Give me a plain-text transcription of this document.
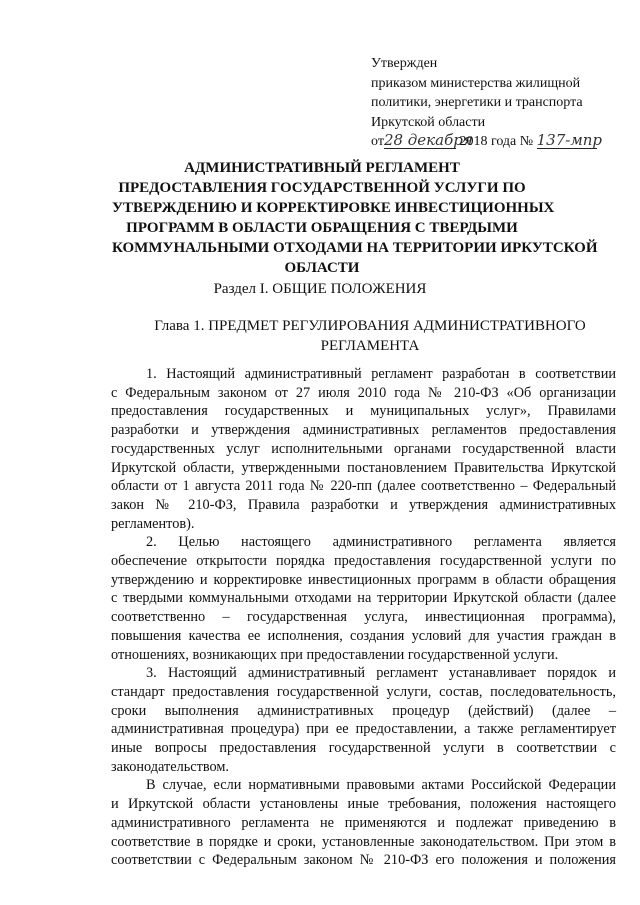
Утвержден
приказом министерства жилищной
политики, энергетики и транспорта
Иркутской области
от28 декабря 2018 года № 137-мпр
АДМИНИСТРАТИВНЫЙ РЕГЛАМЕНТ
ПРЕДОСТАВЛЕНИЯ ГОСУДАРСТВЕННОЙ УСЛУГИ ПО
УТВЕРЖДЕНИЮ И КОРРЕКТИРОВКЕ ИНВЕСТИЦИОННЫХ
ПРОГРАММ В ОБЛАСТИ ОБРАЩЕНИЯ С ТВЕРДЫМИ
КОММУНАЛЬНЫМИ ОТХОДАМИ НА ТЕРРИТОРИИ ИРКУТСКОЙ
ОБЛАСТИ
Раздел I. ОБЩИЕ ПОЛОЖЕНИЯ
Глава 1. ПРЕДМЕТ РЕГУЛИРОВАНИЯ АДМИНИСТРАТИВНОГО
РЕГЛАМЕНТА
1. Настоящий административный регламент разработан в соответствии
с Федеральным законом от 27 июля 2010 года № 210-ФЗ «Об организации
предоставления государственных и муниципальных услуг», Правилами
разработки и утверждения административных регламентов предоставления
государственных услуг исполнительными органами государственной власти
Иркутской области, утвержденными постановлением Правительства Иркутской
области от 1 августа 2011 года № 220-пп (далее соответственно – Федеральный
закон № 210-ФЗ, Правила разработки и утверждения административных
регламентов).
2. Целью настоящего административного регламента является
обеспечение открытости порядка предоставления государственной услуги по
утверждению и корректировке инвестиционных программ в области обращения
с твердыми коммунальными отходами на территории Иркутской области (далее
соответственно – государственная услуга, инвестиционная программа),
повышения качества ее исполнения, создания условий для участия граждан в
отношениях, возникающих при предоставлении государственной услуги.
3. Настоящий административный регламент устанавливает порядок и
стандарт предоставления государственной услуги, состав, последовательность,
сроки выполнения административных процедур (действий) (далее –
административная процедура) при ее предоставлении, а также регламентирует
иные вопросы предоставления государственной услуги в соответствии с
законодательством.
В случае, если нормативными правовыми актами Российской Федерации
и Иркутской области установлены иные требования, положения настоящего
административного регламента не применяются и подлежат приведению в
соответствие в порядке и сроки, установленные законодательством. При этом в
соответствии с Федеральным законом № 210-ФЗ его положения и положения
